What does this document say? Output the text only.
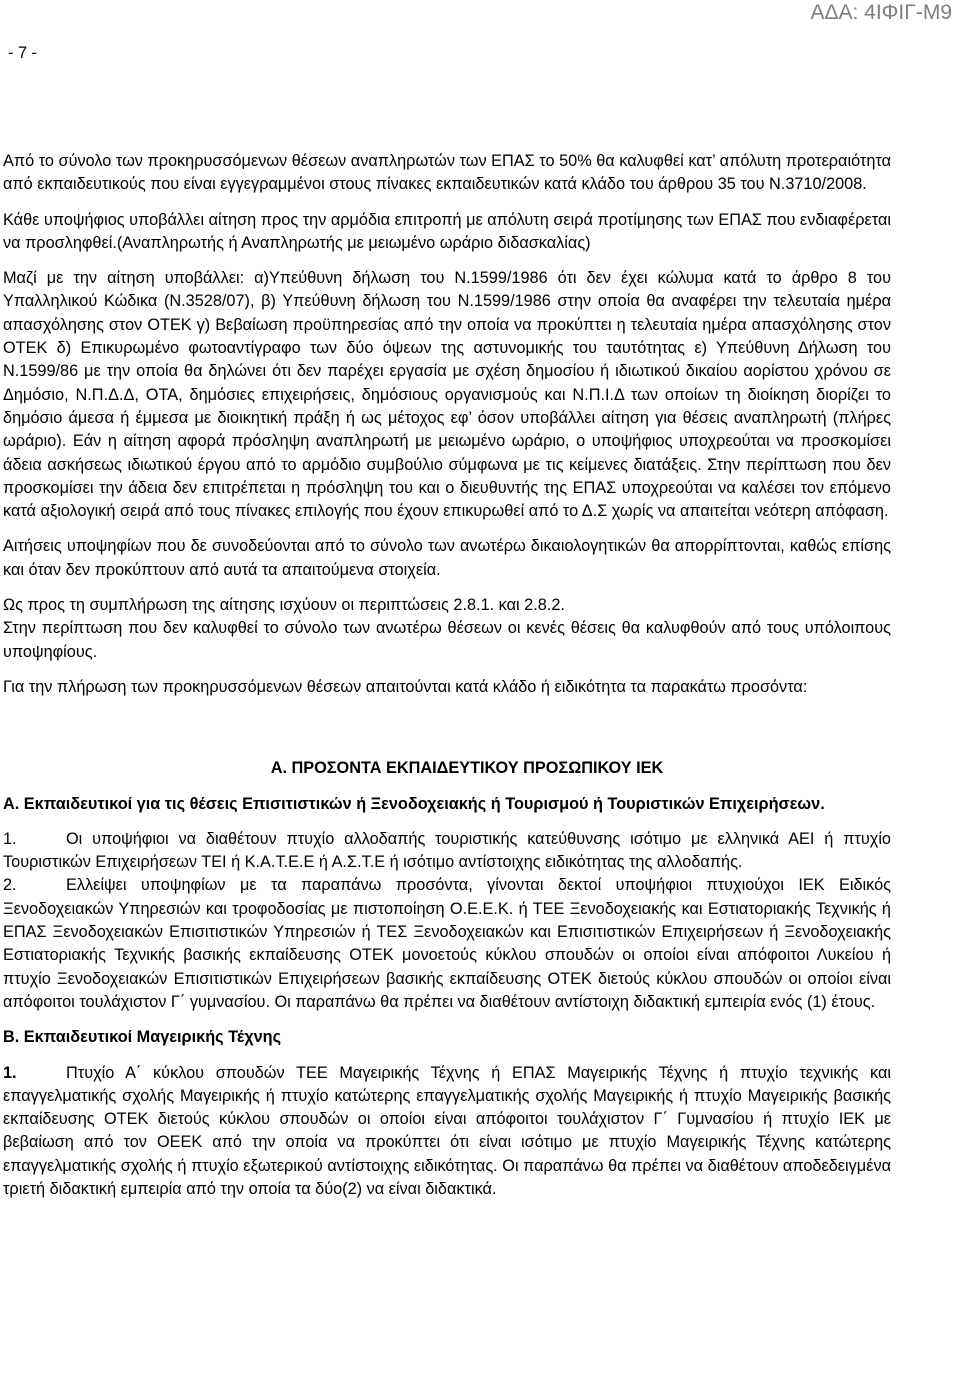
ΑΔΑ: 4ΙΦΙΓ-Μ9
- 7 -

Από το σύνολο των προκηρυσσόμενων θέσεων αναπληρωτών των ΕΠΑΣ το 50% θα καλυφθεί κατ’ απόλυτη προτεραιότητα από εκπαιδευτικούς που είναι εγγεγραμμένοι στους πίνακες εκπαιδευτικών κατά κλάδο του άρθρου 35 του Ν.3710/2008.

Κάθε υποψήφιος υποβάλλει αίτηση προς την αρμόδια επιτροπή με απόλυτη σειρά προτίμησης των ΕΠΑΣ που ενδιαφέρεται να προσληφθεί.(Αναπληρωτής ή Αναπληρωτής με μειωμένο ωράριο διδασκαλίας)

Μαζί με την αίτηση υποβάλλει: α)Υπεύθυνη δήλωση του Ν.1599/1986 ότι δεν έχει κώλυμα κατά το άρθρο 8 του Υπαλληλικού Κώδικα (Ν.3528/07), β) Υπεύθυνη δήλωση του Ν.1599/1986 στην οποία θα αναφέρει την τελευταία ημέρα απασχόλησης στον ΟΤΕΚ γ) Βεβαίωση προϋπηρεσίας από την οποία να προκύπτει η τελευταία ημέρα απασχόλησης στον ΟΤΕΚ δ) Επικυρωμένο φωτοαντίγραφο των δύο όψεων της αστυνομικής του ταυτότητας ε) Υπεύθυνη Δήλωση του Ν.1599/86 με την οποία θα δηλώνει ότι δεν παρέχει εργασία με σχέση δημοσίου ή ιδιωτικού δικαίου αορίστου χρόνου σε Δημόσιο, Ν.Π.Δ.Δ, ΟΤΑ, δημόσιες επιχειρήσεις, δημόσιους οργανισμούς και Ν.Π.Ι.Δ των οποίων τη διοίκηση διορίζει το δημόσιο άμεσα ή έμμεσα με διοικητική πράξη ή ως μέτοχος εφ’ όσον υποβάλλει αίτηση για θέσεις αναπληρωτή (πλήρες ωράριο). Εάν η αίτηση αφορά πρόσληψη αναπληρωτή με μειωμένο ωράριο, ο υποψήφιος υποχρεούται να προσκομίσει άδεια ασκήσεως ιδιωτικού έργου από το αρμόδιο συμβούλιο σύμφωνα με τις κείμενες διατάξεις. Στην περίπτωση που δεν προσκομίσει την άδεια δεν επιτρέπεται η πρόσληψη του και ο διευθυντής της ΕΠΑΣ υποχρεούται να καλέσει τον επόμενο κατά αξιολογική σειρά από τους πίνακες επιλογής που έχουν επικυρωθεί από το Δ.Σ χωρίς να απαιτείται νεότερη απόφαση.

Αιτήσεις υποψηφίων που δε συνοδεύονται από το σύνολο των ανωτέρω δικαιολογητικών θα απορρίπτονται, καθώς επίσης και όταν δεν προκύπτουν από αυτά τα απαιτούμενα στοιχεία.

Ως προς τη συμπλήρωση της αίτησης ισχύουν οι περιπτώσεις 2.8.1. και 2.8.2.

Στην περίπτωση που δεν καλυφθεί το σύνολο των ανωτέρω θέσεων οι κενές θέσεις θα καλυφθούν από τους υπόλοιπους υποψηφίους.

Για την πλήρωση των προκηρυσσόμενων θέσεων απαιτούνται κατά κλάδο ή ειδικότητα τα παρακάτω προσόντα:

Α. ΠΡΟΣΟΝΤΑ ΕΚΠΑΙΔΕΥΤΙΚΟΥ ΠΡΟΣΩΠΙΚΟΥ ΙΕΚ

Α. Εκπαιδευτικοί για τις θέσεις Επισιτιστικών ή Ξενοδοχειακής ή Τουρισμού ή Τουριστικών Επιχειρήσεων.

1.	Οι υποψήφιοι να διαθέτουν πτυχίο αλλοδαπής τουριστικής κατεύθυνσης ισότιμο με ελληνικά ΑΕΙ ή πτυχίο Τουριστικών Επιχειρήσεων ΤΕΙ ή Κ.Α.Τ.Ε.Ε ή Α.Σ.Τ.Ε ή ισότιμο αντίστοιχης ειδικότητας της αλλοδαπής.

2.	Ελλείψει υποψηφίων με τα παραπάνω προσόντα, γίνονται δεκτοί υποψήφιοι πτυχιούχοι ΙΕΚ Ειδικός Ξενοδοχειακών Υπηρεσιών και τροφοδοσίας με πιστοποίηση Ο.Ε.Ε.Κ. ή ΤΕΕ Ξενοδοχειακής και Εστιατοριακής Τεχνικής ή ΕΠΑΣ Ξενοδοχειακών Επισιτιστικών Υπηρεσιών ή ΤΕΣ Ξενοδοχειακών και Επισιτιστικών Επιχειρήσεων ή Ξενοδοχειακής Εστιατοριακής Τεχνικής βασικής εκπαίδευσης ΟΤΕΚ μονοετούς κύκλου σπουδών οι οποίοι είναι απόφοιτοι Λυκείου ή πτυχίο Ξενοδοχειακών Επισιτιστικών Επιχειρήσεων βασικής εκπαίδευσης ΟΤΕΚ διετούς κύκλου σπουδών οι οποίοι είναι απόφοιτοι τουλάχιστον Γ΄ γυμνασίου. Οι παραπάνω θα πρέπει να διαθέτουν αντίστοιχη διδακτική εμπειρία ενός (1) έτους.

Β. Εκπαιδευτικοί Μαγειρικής Τέχνης

1.	Πτυχίο Α΄ κύκλου σπουδών ΤΕΕ Μαγειρικής Τέχνης ή ΕΠΑΣ Μαγειρικής Τέχνης ή πτυχίο τεχνικής και επαγγελματικής σχολής Μαγειρικής ή πτυχίο κατώτερης επαγγελματικής σχολής Μαγειρικής ή πτυχίο Μαγειρικής βασικής εκπαίδευσης ΟΤΕΚ διετούς κύκλου σπουδών οι οποίοι είναι απόφοιτοι τουλάχιστον Γ΄ Γυμνασίου ή πτυχίο ΙΕΚ με βεβαίωση από τον ΟΕΕΚ από την οποία να προκύπτει ότι είναι ισότιμο με πτυχίο Μαγειρικής Τέχνης κατώτερης επαγγελματικής σχολής ή πτυχίο εξωτερικού αντίστοιχης ειδικότητας. Οι παραπάνω θα πρέπει να διαθέτουν αποδεδειγμένα τριετή διδακτική εμπειρία από την οποία τα δύο(2) να είναι διδακτικά.
